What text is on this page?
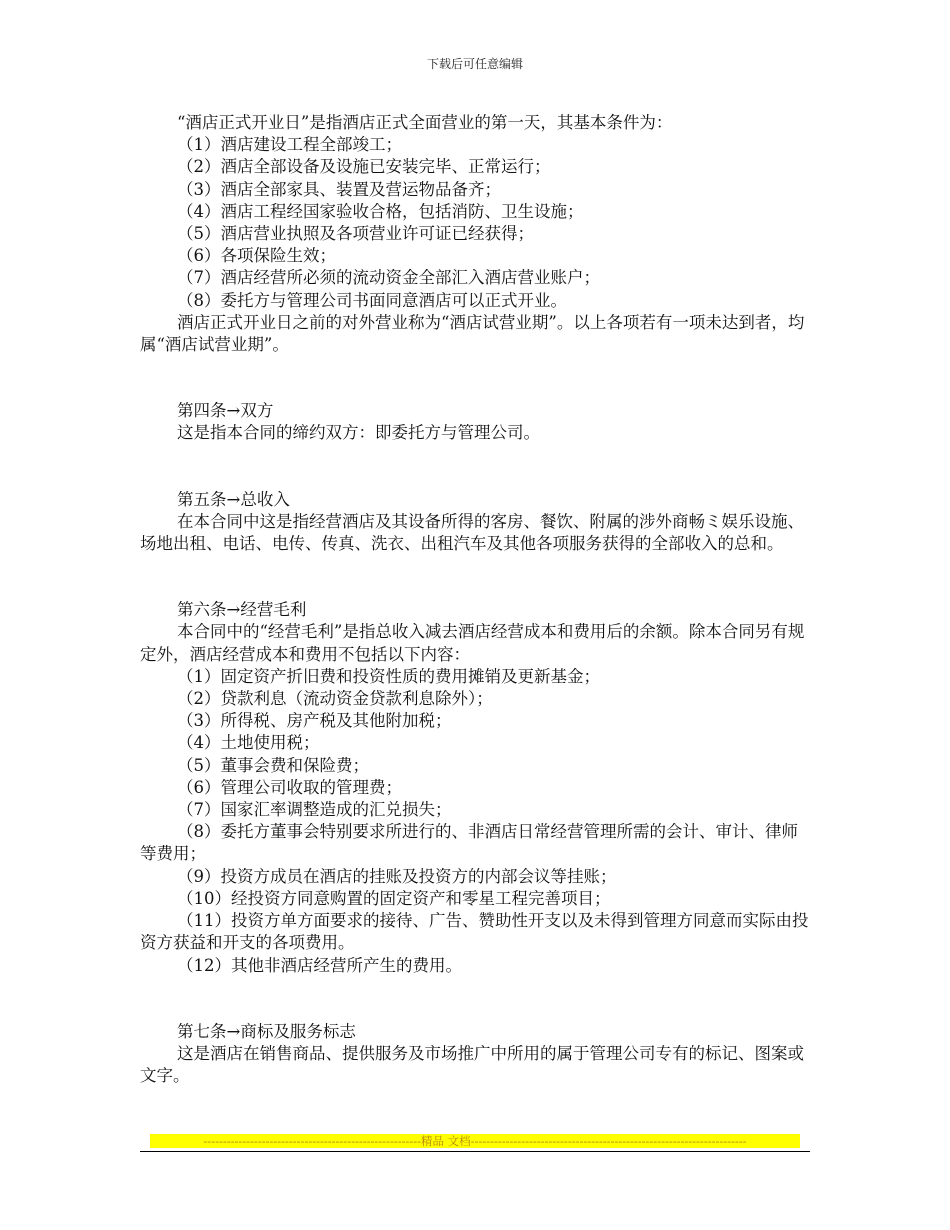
下载后可任意编辑
“酒店正式开业日”是指酒店正式全面营业的第一天，其基本条件为：
（1）酒店建设工程全部竣工；
（2）酒店全部设备及设施已安装完毕、正常运行；
（3）酒店全部家具、装置及营运物品备齐；
（4）酒店工程经国家验收合格，包括消防、卫生设施；
（5）酒店营业执照及各项营业许可证已经获得；
（6）各项保险生效；
（7）酒店经营所必须的流动资金全部汇入酒店营业账户；
（8）委托方与管理公司书面同意酒店可以正式开业。
酒店正式开业日之前的对外营业称为“酒店试营业期”。以上各项若有一项未达到者，均属“酒店试营业期”。
第四条→双方
这是指本合同的缔约双方：即委托方与管理公司。
第五条→总收入
在本合同中这是指经营酒店及其设备所得的客房、餐饮、附属的涉外商畅ミ娱乐设施、场地出租、电话、电传、传真、洗衣、出租汽车及其他各项服务获得的全部收入的总和。
第六条→经营毛利
本合同中的“经营毛利”是指总收入减去酒店经营成本和费用后的余额。除本合同另有规定外，酒店经营成本和费用不包括以下内容：
（1）固定资产折旧费和投资性质的费用摊销及更新基金；
（2）贷款利息（流动资金贷款利息除外）；
（3）所得税、房产税及其他附加税；
（4）土地使用税；
（5）董事会费和保险费；
（6）管理公司收取的管理费；
（7）国家汇率调整造成的汇兑损失；
（8）委托方董事会特别要求所进行的、非酒店日常经营管理所需的会计、审计、律师等费用；
（9）投资方成员在酒店的挂账及投资方的内部会议等挂账；
（10）经投资方同意购置的固定资产和零星工程完善项目；
（11）投资方单方面要求的接待、广告、赞助性开支以及未得到管理方同意而实际由投资方获益和开支的各项费用。
（12）其他非酒店经营所产生的费用。
第七条→商标及服务标志
这是酒店在销售商品、提供服务及市场推广中所用的属于管理公司专有的标记、图案或文字。
--------------------------------------------------------精品 文档-----------------------------------------------------------------------
